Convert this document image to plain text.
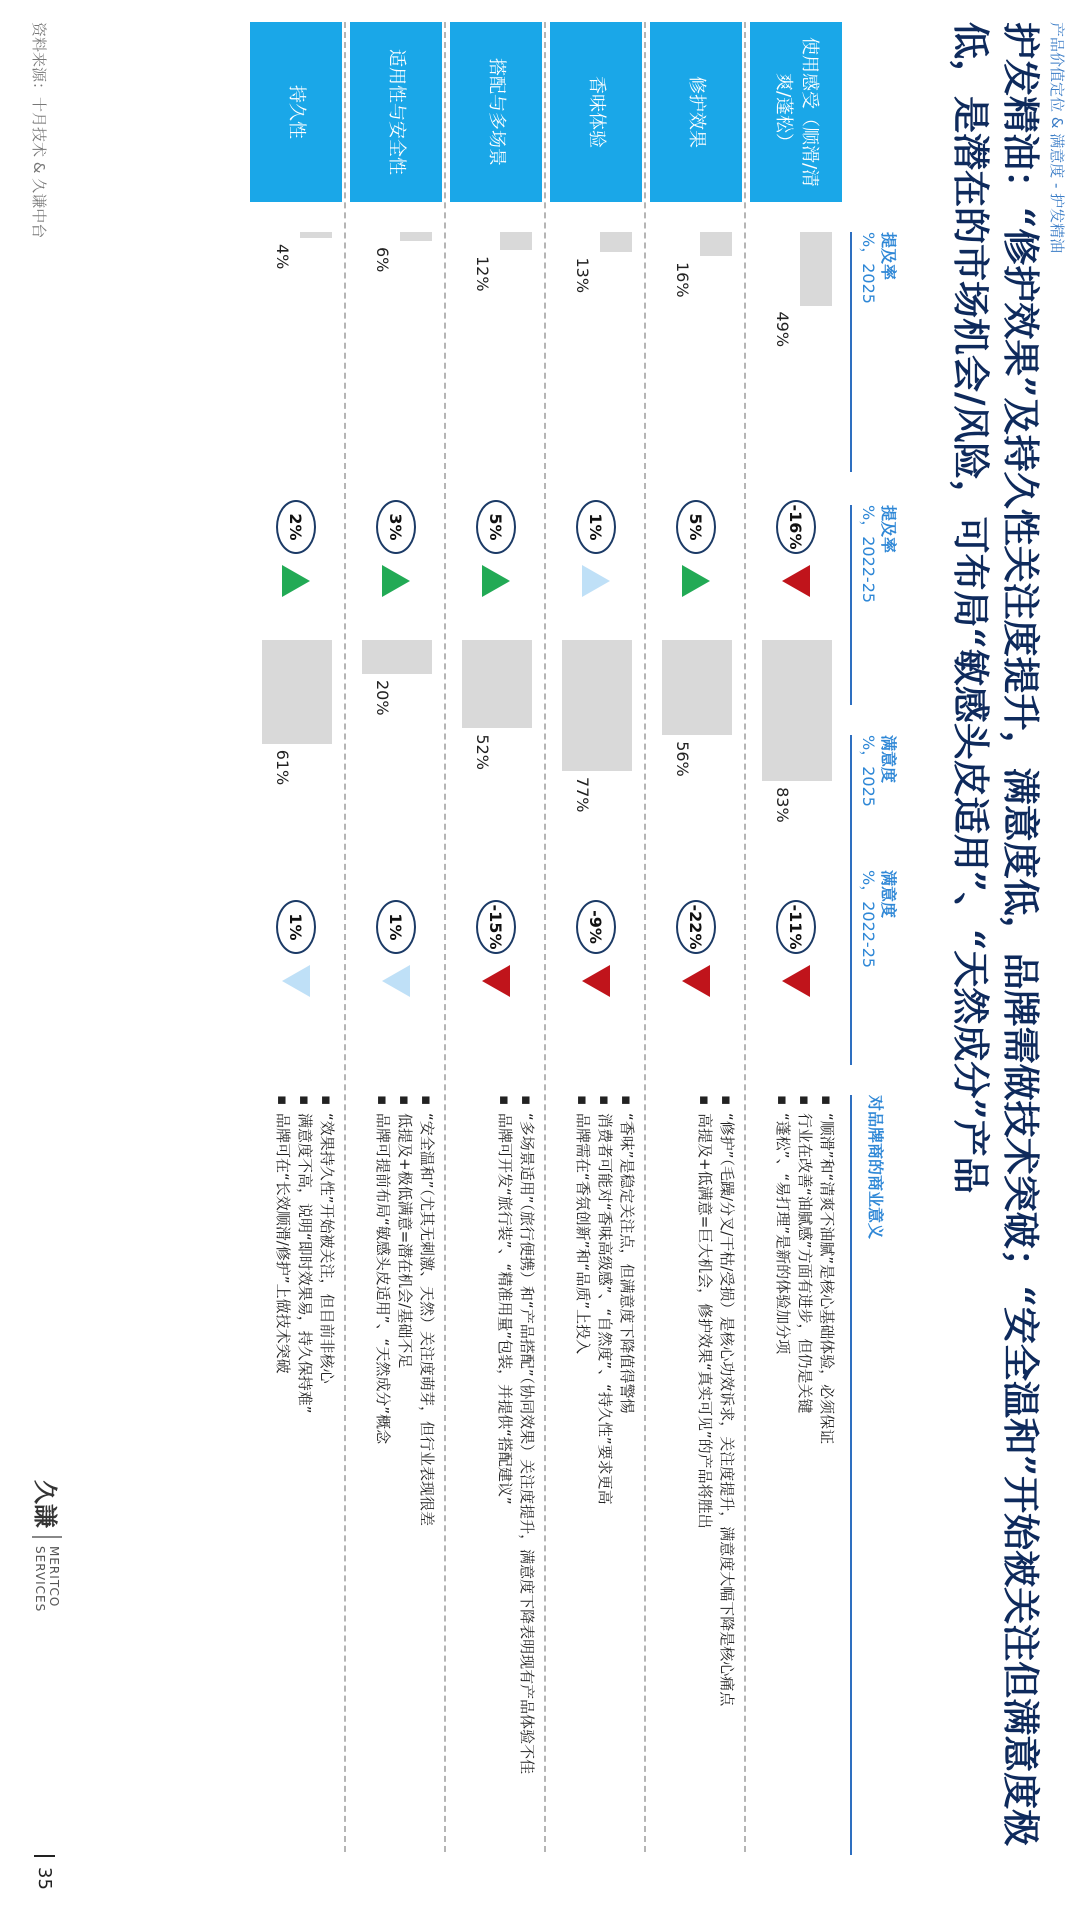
产品价值定位 & 满意度 - 护发精油
护发精油：“修护效果”及持久性关注度提升，满意度低，品牌需做技术突破；“安全温和”开始被关注但满意度极低，是潜在的市场机会/风险，可布局“敏感头皮适用”、“天然成分”产品
提及率
%，2025
提及率
%，2022-25
满意度
%，2025
满意度
%，2022-25
对品牌商的商业意义
使用感受（顺滑/清爽/蓬松）
49%
-16%
83%
-11%
▪
“顺滑”和“清爽不油腻”是核心基础体验，必须保证
▪
行业在改善“油腻感”方面有进步，但仍是关键
▪
“蓬松”、“易打理”是新的体验加分项
修护效果
16%
5%
56%
-22%
▪
“修护”（毛躁/分叉/干枯/受损）是核心功效诉求，关注度提升，满意度大幅下降是核心痛点
▪
高提及+低满意=巨大机会，修护效果“真实可见”的产品将胜出
香味体验
13%
1%
77%
-9%
▪
“香味”是稳定关注点，但满意度下降值得警惕
▪
消费者可能对“香味高级感”、“自然度”、“持久性”要求更高
▪
品牌需在“香氛创新”和“品质”上投入
搭配与多场景
12%
5%
52%
-15%
▪
“多场景适用”（旅行便携）和“产品搭配”（协同效果）关注度提升，满意度下降表明现有产品体验不佳
▪
品牌可开发“旅行装”、“精准用量”包装，并提供“搭配建议”
适用性与安全性
6%
3%
20%
1%
▪
“安全温和”（尤其无刺激、天然）关注度萌芽，但行业表现很差
▪
低提及+极低满意=潜在机会/基础不足
▪
品牌可提前布局“敏感头皮适用”、“天然成分”概念
持久性
4%
2%
61%
1%
▪
“效果持久性”开始被关注，但目前非核心
▪
满意度不高，说明“即时效果易，持久保持难”
▪
品牌可在“长效顺滑/修护”上做技术突破
资料来源：十月技术 & 久谦中台
久謙
MERITCO
SERVICES
35
